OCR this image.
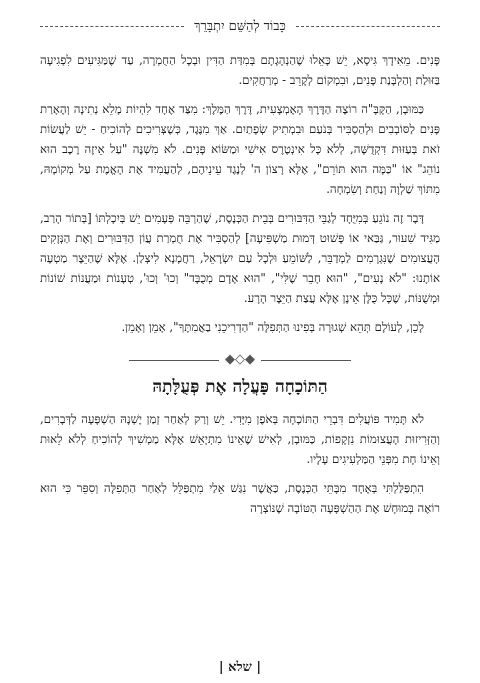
כָּבוֹד לְהַשֵּׁם יִתְבָּרֵךְ

פָּנִים. מֵאִידָךְ גִּיסָא, יֵשׁ כָּאֵלוּ שֶׁהַנְהָגָתָם בְּמִדַּת הַדִּין וּבְכָל הַחֻמְרָה, עַד שֶׁמַּגִּיעִים לִפְגִיעָה בַּזּוּלַת וְהַלְבָּנַת פָּנִים, וּבִמְקוֹם לְקָרֵב - מְרַחֲקִים.

כַּמּוּבָן, הַקָּבָּ"ה רוֹצֶה הַדֶּרֶךְ הָאֶמְצָעִית, דֶּרֶךְ הַמֶּלֶךְ: מִצַּד אֶחָד לִהְיוֹת מָלֵא נְתִינָה וְהֶאָרַת פָּנִים לַסּוֹבְבִים וּלְהַסְבִּיר בְּנֹעַם וּבִמְתִיק שְׂפָתַיִם. אַךְ מִנֶּגֶד, כְּשֶׁצְּרִיכִים לְהוֹכִיחַ - יֵשׁ לַעֲשׂוֹת זֹאת בְּעַזּוּת דִּקְדֻשָּׁה, לְלֹא כָּל אִינְטֶרֶס אִישִׁי וּמַשּׂוֹא פָּנִים. לֹא מִשְׁנֶּה "עַל אֵיזֶה רֶכֶב הוּא נוֹהֵג" אוֹ "כַּמָּה הוּא תּוֹרֵם", אֶלָּא רָצוֹן ה' לְנֶגֶד עֵינֵיהֶם, לְהַעֲמִיד אֶת הָאֱמֶת עַל מְקוֹמָהּ, מִתּוֹךְ שַׁלְוָה וְנַחַת וְשִׂמְחָה.

דָּבָר זֶה נוֹגֵעַ בְּמִיֻּחָד לְגַבֵּי הַדִּבּוּרִים בְּבֵית הַכְּנֶסֶת, שֶׁהַרְבֵּה פְּעָמִים יֵשׁ בְּיִכָלְתּוֹ [בְּתוֹר הָרַב, מַגִּיד שִׁעוּר, גַּבַּאי אוֹ פָּשׁוּט דְּמוּת מַשְׁפִּיעָה] לְהַסְבִּיר אֶת חֻמְרַת עֲוֹן הַדִּבּוּרִים וְאֶת הַנְּזָקִים הָעֲצוּמִים שֶׁנִּגְרָמִים לַמְדַבֵּר, לַשּׁוֹמֵעַ וּלְכָל עַם יִשְׂרָאֵל, רַחֲמָנָא לִיצְלַן. אֶלָּא שֶׁהַיֵּצֶר מַטְעֶה אוֹתָנוּ: "לֹא נָעִים", "הוּא חָבֵר שֶׁלִּי", "הוּא אָדָם מְכֻבָּד" וְכוּ' וְכוּ', טְעָנוֹת וּמַעֲנוֹת שׁוֹנוֹת וּמְשֻׁנּוֹת, שֶׁכָּל כֻּלָּן אֵינָן אֶלָּא עֲצַת הַיֵּצֶר הָרָע.

לָכֵן, לְעוֹלָם תְּהֵא שְׁגוּרָה בְּפִינוּ הַתְּפִלָּה "הַדְרִיכֵנִי בַאֲמִתֶּךָ", אָמֵן וְאָמֵן.

◆◇◆
הַתּוֹכָחָה פָּעֲלָה אֶת פְּעֻלָּתָהּ

לֹא תָּמִיד פּוֹעֲלִים דִּבְרֵי הַתּוֹכָחָה בְּאֹפֶן מִיָּדִי. יֵשׁ וְרַק לְאַחַר זְמַן יֶשְׁנָהּ הַשְׁפָּעָה לַדְּבָרִים, וְהַזְּרִיזוּת הָעֲצוּמוֹת נִזְקָפוֹת, כַּמּוּבָן, לְאִישׁ שֶׁאֵינוֹ מִתְיָאֵשׁ אֶלָּא מַמְשִׁיךְ לְהוֹכִיחַ לְלֹא לֵאוּת וְאֵינוֹ חָת מִפְּנֵי הַמַּלְעִיגִים עָלָיו.

הִתְפַּלַּלְתִּי בְּאֶחָד מִבָּתֵּי הַכְּנֶסֶת, כַּאֲשֶׁר נִגַּשׁ אֵלַי מִתְפַּלֵּל לְאַחַר הַתְּפִלָּה וְסִפֵּר כִּי הוּא רוֹאֶה בְּמוּחָשׁ אֶת הַהַשְׁפָּעָה הַטּוֹבָה שֶׁנּוֹצְרָה

| שלא |
